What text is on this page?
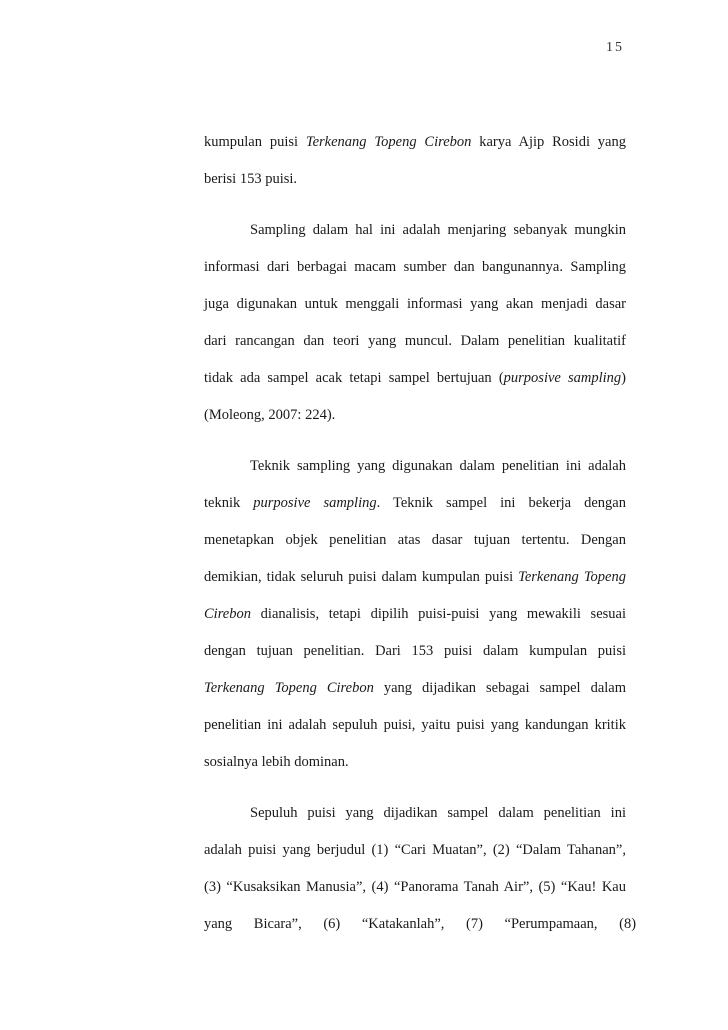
15
kumpulan puisi Terkenang Topeng Cirebon karya Ajip Rosidi yang
berisi 153 puisi.
Sampling dalam hal ini adalah menjaring sebanyak mungkin
informasi dari berbagai macam sumber dan bangunannya. Sampling
juga digunakan untuk menggali informasi yang akan menjadi dasar
dari rancangan dan teori yang muncul. Dalam penelitian kualitatif
tidak ada sampel acak tetapi sampel bertujuan (purposive sampling)
(Moleong, 2007: 224).
Teknik sampling yang digunakan dalam penelitian ini adalah
teknik purposive sampling. Teknik sampel ini bekerja dengan
menetapkan objek penelitian atas dasar tujuan tertentu. Dengan
demikian, tidak seluruh puisi dalam kumpulan puisi Terkenang Topeng
Cirebon dianalisis, tetapi dipilih puisi-puisi yang mewakili sesuai
dengan tujuan penelitian. Dari 153 puisi dalam kumpulan puisi
Terkenang Topeng Cirebon yang dijadikan sebagai sampel dalam
penelitian ini adalah sepuluh puisi, yaitu puisi yang kandungan kritik
sosialnya lebih dominan.
Sepuluh puisi yang dijadikan sampel dalam penelitian ini
adalah puisi yang berjudul (1) “Cari Muatan”, (2) “Dalam Tahanan”,
(3) “Kusaksikan Manusia”, (4) “Panorama Tanah Air”, (5) “Kau! Kau
yang Bicara”, (6) “Katakanlah”, (7) “Perumpamaan, (8)
